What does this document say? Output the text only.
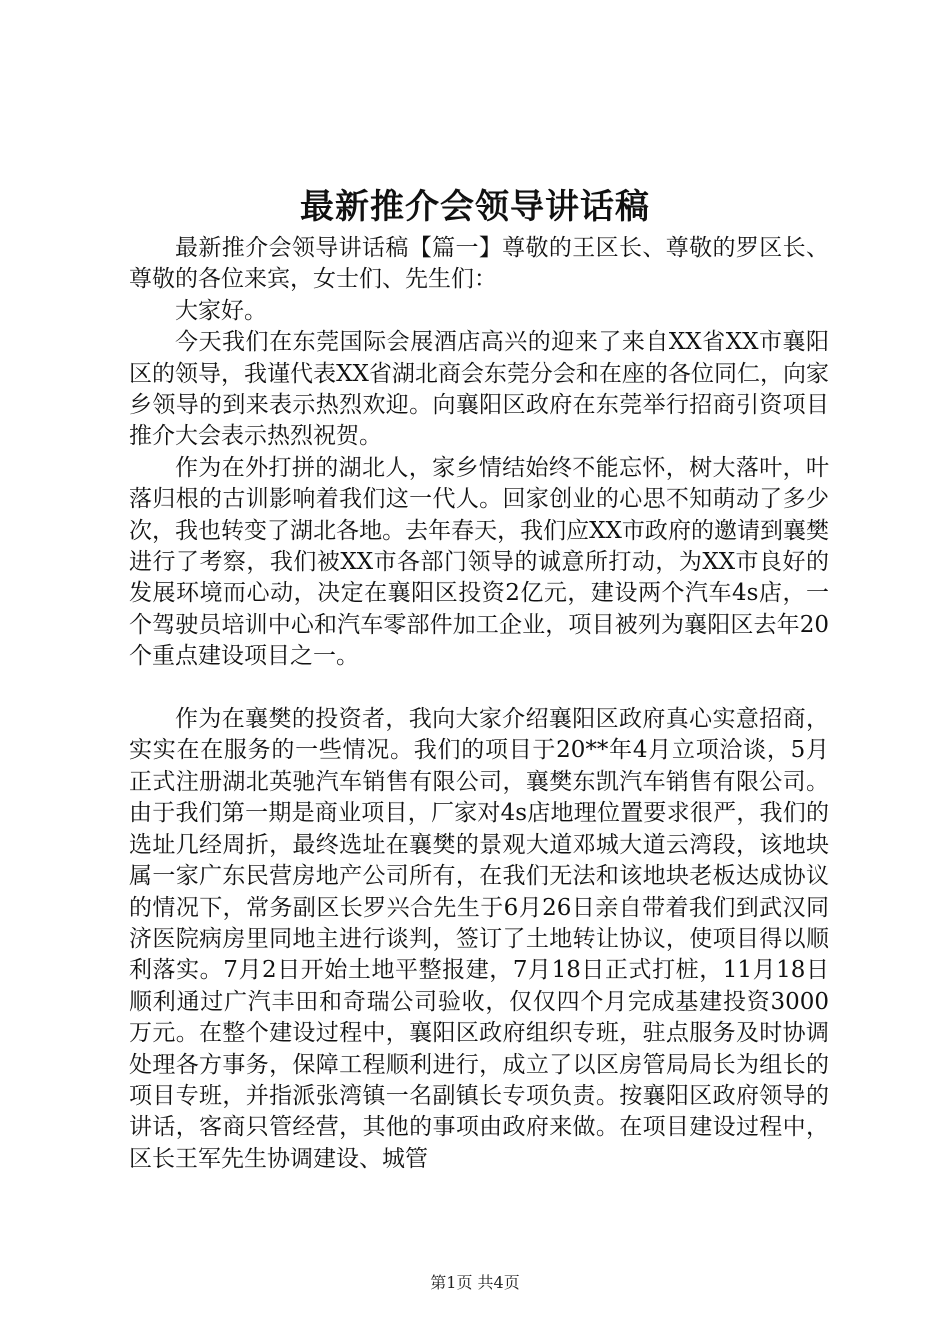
最新推介会领导讲话稿

最新推介会领导讲话稿【篇一】尊敬的王区长、尊敬的罗区长、尊敬的各位来宾，女士们、先生们：

大家好。

今天我们在东莞国际会展酒店高兴的迎来了来自XX省XX市襄阳区的领导，我谨代表XX省湖北商会东莞分会和在座的各位同仁，向家乡领导的到来表示热烈欢迎。向襄阳区政府在东莞举行招商引资项目推介大会表示热烈祝贺。

作为在外打拼的湖北人，家乡情结始终不能忘怀，树大落叶，叶落归根的古训影响着我们这一代人。回家创业的心思不知萌动了多少次，我也转变了湖北各地。去年春天，我们应XX市政府的邀请到襄樊进行了考察，我们被XX市各部门领导的诚意所打动，为XX市良好的发展环境而心动，决定在襄阳区投资2亿元，建设两个汽车4s店，一个驾驶员培训中心和汽车零部件加工企业，项目被列为襄阳区去年20个重点建设项目之一。

作为在襄樊的投资者，我向大家介绍襄阳区政府真心实意招商，实实在在服务的一些情况。我们的项目于20**年4月立项洽谈，5月正式注册湖北英驰汽车销售有限公司，襄樊东凯汽车销售有限公司。由于我们第一期是商业项目，厂家对4s店地理位置要求很严，我们的选址几经周折，最终选址在襄樊的景观大道邓城大道云湾段，该地块属一家广东民营房地产公司所有，在我们无法和该地块老板达成协议的情况下，常务副区长罗兴合先生于6月26日亲自带着我们到武汉同济医院病房里同地主进行谈判，签订了土地转让协议，使项目得以顺利落实。7月2日开始土地平整报建，7月18日正式打桩，11月18日顺利通过广汽丰田和奇瑞公司验收，仅仅四个月完成基建投资3000万元。在整个建设过程中，襄阳区政府组织专班，驻点服务及时协调处理各方事务，保障工程顺利进行，成立了以区房管局局长为组长的项目专班，并指派张湾镇一名副镇长专项负责。按襄阳区政府领导的讲话，客商只管经营，其他的事项由政府来做。在项目建设过程中，区长王军先生协调建设、城管

第1页 共4页
